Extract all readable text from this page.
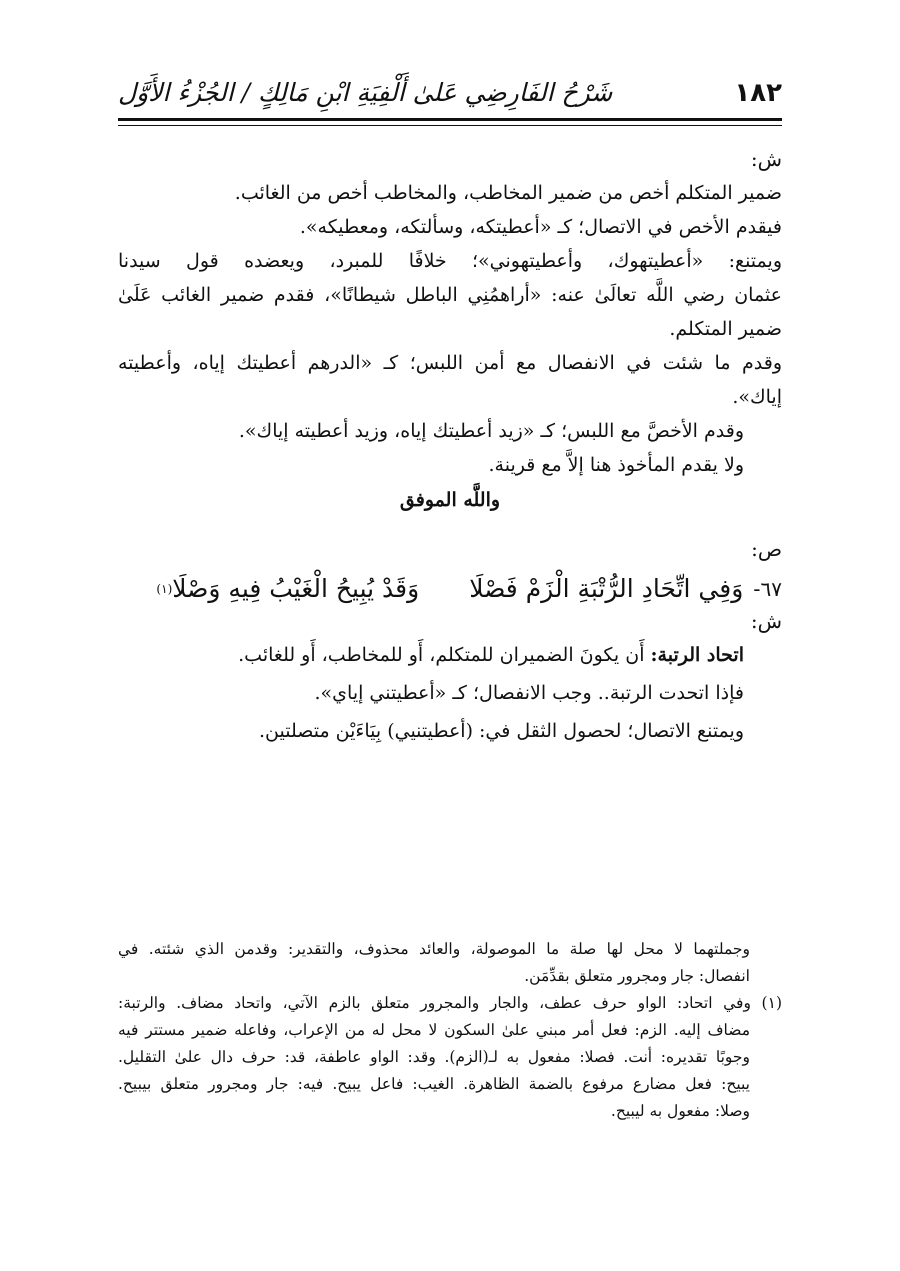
١٨٢
شَرْحُ الفَارِضِي عَلىٰ أَلْفِيَةِ ابْنِ مَالِكٍ / الجُزْءُ الأَوَّل
ش:
ضمير المتكلم أخص من ضمير المخاطب، والمخاطب أخص من الغائب.
فيقدم الأخص في الاتصال؛ كـ «أعطيتكه، وسألتكه، ومعطيكه».
ويمتنع: «أعطيتهوك، وأعطيتهوني»؛ خلافًا للمبرد، ويعضده قول سيدنا
عثمان رضي اللَّه تعالَىٰ عنه: «أراهمُنِي الباطل شيطانًا»، فقدم ضمير الغائب عَلَىٰ
ضمير المتكلم.
وقدم ما شئت في الانفصال مع أمن اللبس؛ كـ «الدرهم أعطيتك إياه، وأعطيته
إياك».
وقدم الأخصَّ مع اللبس؛ كـ «زيد أعطيتك إياه، وزيد أعطيته إياك».
ولا يقدم المأخوذ هنا إلاَّ مع قرينة.
واللَّه الموفق
ص:
٦٧-
وَفِي اتِّحَادِ الرُّتْبَةِ الْزَمْ فَصْلَا
وَقَدْ يُبِيحُ الْغَيْبُ فِيهِ وَصْلَا
(١)
ش:
اتحاد الرتبة: أَن يكونَ الضميران للمتكلم، أَو للمخاطب، أَو للغائب.
فإذا اتحدت الرتبة.. وجب الانفصال؛ كـ «أعطيتني إياي».
ويمتنع الاتصال؛ لحصول الثقل في: (أعطيتنيي) بِيَاءَيْن متصلتين.
وجملتهما لا محل لها صلة ما الموصولة، والعائد محذوف، والتقدير: وقدمن الذي شئته. في
انفصال: جار ومجرور متعلق بقدِّمَن.
(١) وفي اتحاد: الواو حرف عطف، والجار والمجرور متعلق بالزم الآتي، واتحاد مضاف. والرتبة:
مضاف إليه. الزم: فعل أمر مبني علىٰ السكون لا محل له من الإعراب، وفاعله ضمير مستتر فيه
وجوبًا تقديره: أنت. فصلا: مفعول به لـ(الزم). وقد: الواو عاطفة، قد: حرف دال علىٰ التقليل.
يبيح: فعل مضارع مرفوع بالضمة الظاهرة. الغيب: فاعل يبيح. فيه: جار ومجرور متعلق بيبيح.
وصلا: مفعول به ليبيح.
